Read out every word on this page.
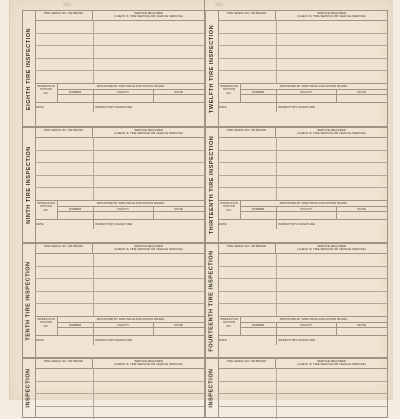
EIGHTH TIRE INSPECTION
TIRE SERIAL NO. OR BRAND	SERVICE REQUIRED
(CHECK IF, TIRE SERVICE OR VEHICLE SERVICE)
INSPECTION STATION
APPOINTED BY WAR PRICE AND RATION BOARD
NO.	NUMBER	COUNTY	STATE
DATE:	INSPECTOR'S SIGNATURE:
NINTH TIRE INSPECTION
TIRE SERIAL NO. OR BRAND	SERVICE REQUIRED
(CHECK IF, TIRE SERVICE OR VEHICLE SERVICE)
INSPECTION STATION
APPOINTED BY WAR PRICE AND RATION BOARD
NO.	NUMBER	COUNTY	STATE
DATE:	INSPECTOR'S SIGNATURE:
TENTH TIRE INSPECTION
TIRE SERIAL NO. OR BRAND	SERVICE REQUIRED
(CHECK IF, TIRE SERVICE OR VEHICLE SERVICE)
INSPECTION STATION
APPOINTED BY WAR PRICE AND RATION BOARD
NO.	NUMBER	COUNTY	STATE
DATE:	INSPECTOR'S SIGNATURE:
INSPECTION
TIRE SERIAL NO. OR BRAND	SERVICE REQUIRED
(CHECK IF, TIRE SERVICE OR VEHICLE SERVICE)
TWELFTH TIRE INSPECTION
TIRE SERIAL NO. OR BRAND	SERVICE REQUIRED
(CHECK IF, TIRE SERVICE OR VEHICLE SERVICE)
INSPECTION STATION
APPOINTED BY WAR PRICE AND RATION BOARD
NO.	NUMBER	COUNTY	STATE
DATE:	INSPECTOR'S SIGNATURE:
THIRTEENTH TIRE INSPECTION
TIRE SERIAL NO. OR BRAND	SERVICE REQUIRED
(CHECK IF, TIRE SERVICE OR VEHICLE SERVICE)
INSPECTION STATION
APPOINTED BY WAR PRICE AND RATION BOARD
NO.	NUMBER	COUNTY	STATE
DATE:	INSPECTOR'S SIGNATURE:
FOURTEENTH TIRE INSPECTION
TIRE SERIAL NO. OR BRAND	SERVICE REQUIRED
(CHECK IF, TIRE SERVICE OR VEHICLE SERVICE)
INSPECTION STATION
APPOINTED BY WAR PRICE AND RATION BOARD
NO.	NUMBER	COUNTY	STATE
DATE:	INSPECTOR'S SIGNATURE:
INSPECTION
TIRE SERIAL NO. OR BRAND	SERVICE REQUIRED
(CHECK IF, TIRE SERVICE OR VEHICLE SERVICE)
